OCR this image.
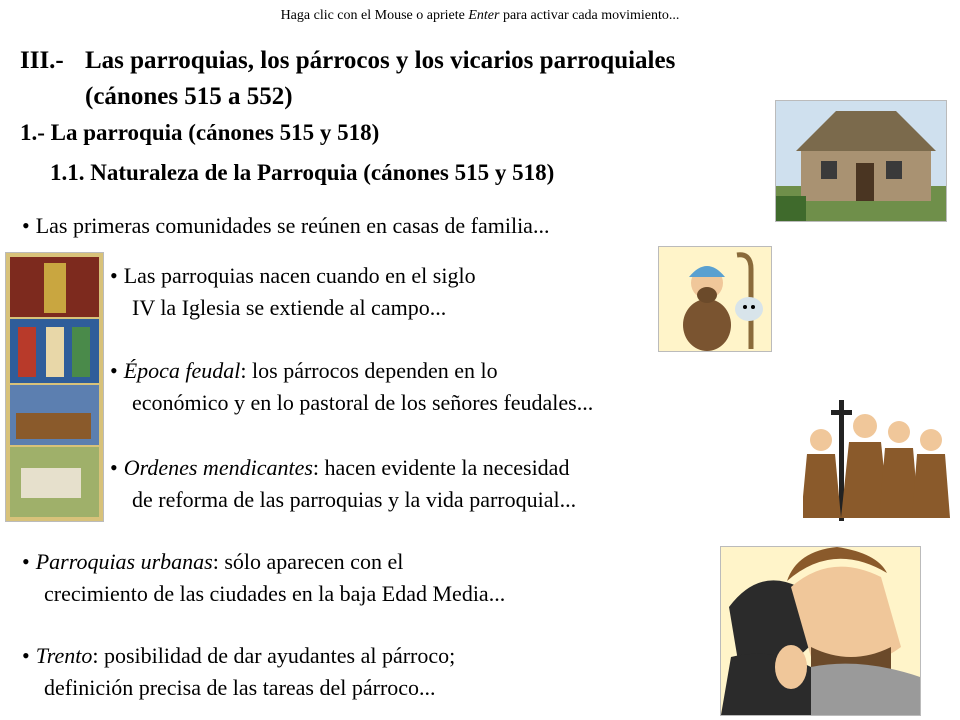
Haga clic con el Mouse o apriete Enter para activar cada movimiento...
III.- Las parroquias, los párrocos y los vicarios parroquiales
(cánones 515 a 552)
1.- La parroquia (cánones 515 y 518)
1.1. Naturaleza de la Parroquia (cánones 515 y 518)
• Las primeras comunidades se reúnen en casas de familia...
• Las parroquias nacen cuando en el siglo
IV la Iglesia se extiende al campo...
• Época feudal: los párrocos dependen en lo
económico y en lo pastoral de los señores feudales...
• Ordenes mendicantes: hacen evidente la necesidad
de reforma de las parroquias y la vida parroquial...
• Parroquias urbanas: sólo aparecen con el
crecimiento de las ciudades en la baja Edad Media...
• Trento: posibilidad de dar ayudantes al párroco;
definición precisa de las tareas del párroco...
